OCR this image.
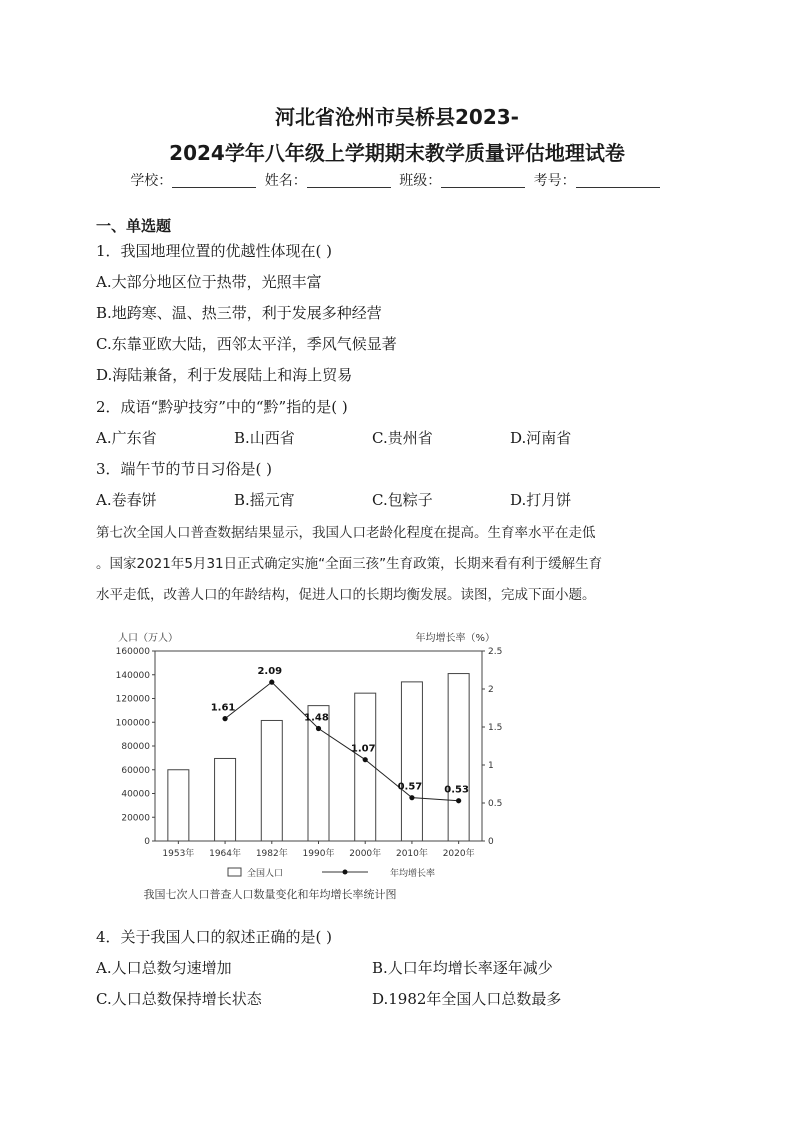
河北省沧州市吴桥县2023-
2024学年八年级上学期期末教学质量评估地理试卷
学校：	姓名：	班级：	考号：
一、单选题
1．我国地理位置的优越性体现在( )
A.大部分地区位于热带，光照丰富
B.地跨寒、温、热三带，利于发展多种经营
C.东靠亚欧大陆，西邻太平洋，季风气候显著
D.海陆兼备，利于发展陆上和海上贸易
2．成语“黔驴技穷”中的“黔”指的是( )
A.广东省	B.山西省	C.贵州省	D.河南省
3．端午节的节日习俗是( )
A.卷春饼	B.摇元宵	C.包粽子	D.打月饼
第七次全国人口普查数据结果显示，我国人口老龄化程度在提高。生育率水平在走低
。国家2021年5月31日正式确定实施“全面三孩”生育政策，长期来看有利于缓解生育
水平走低，改善人口的年龄结构，促进人口的长期均衡发展。读图，完成下面小题。
0
20000
40000
60000
80000
100000
120000
140000
160000
0
0.5
1
1.5
2
2.5
1953年 1964年 1982年 1990年 2000年 2010年 2020年
1.61
2.09
1.48
1.07
0.57 0.53
人口（万人）	年均增长率（%）
全国人口	年均增长率
我国七次人口普查人口数量变化和年均增长率统计图
4．关于我国人口的叙述正确的是( )
A.人口总数匀速增加	B.人口年均增长率逐年减少
C.人口总数保持增长状态	D.1982年全国人口总数最多
